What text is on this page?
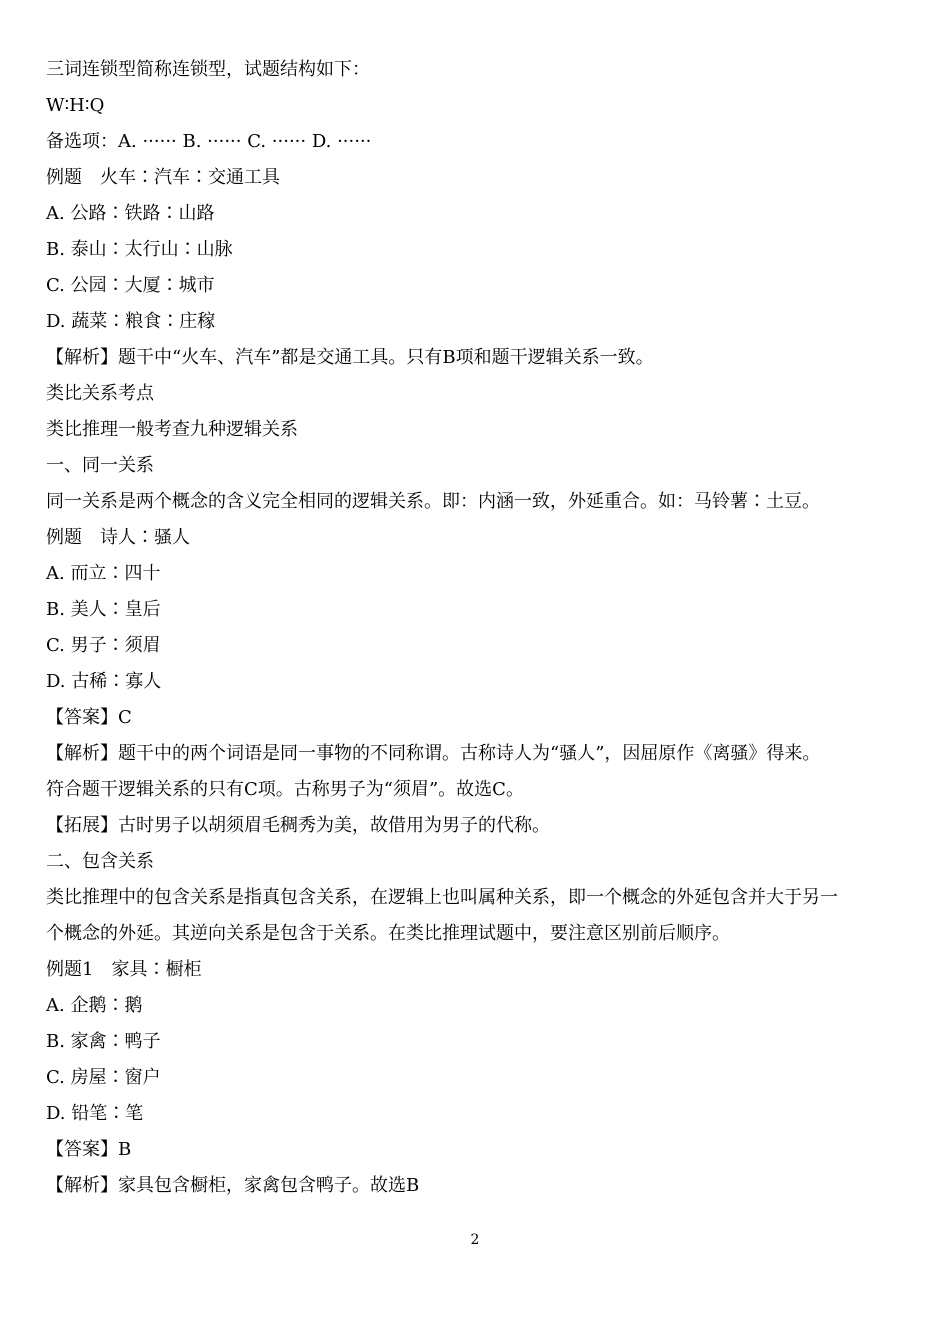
三词连锁型简称连锁型，试题结构如下：
W∶H∶Q
备选项：A. ······ B. ······ C. ······ D. ······
例题　火车∶汽车∶交通工具
A. 公路∶铁路∶山路
B. 泰山∶太行山∶山脉
C. 公园∶大厦∶城市
D. 蔬菜∶粮食∶庄稼
【解析】题干中“火车、汽车”都是交通工具。只有B项和题干逻辑关系一致。
类比关系考点
类比推理一般考查九种逻辑关系
一、同一关系
同一关系是两个概念的含义完全相同的逻辑关系。即：内涵一致，外延重合。如：马铃薯∶土豆。
例题　诗人∶骚人
A. 而立∶四十
B. 美人∶皇后
C. 男子∶须眉
D. 古稀∶寡人
【答案】C
【解析】题干中的两个词语是同一事物的不同称谓。古称诗人为“骚人”，因屈原作《离骚》得来。
符合题干逻辑关系的只有C项。古称男子为“须眉”。故选C。
【拓展】古时男子以胡须眉毛稠秀为美，故借用为男子的代称。
二、包含关系
类比推理中的包含关系是指真包含关系，在逻辑上也叫属种关系，即一个概念的外延包含并大于另一
个概念的外延。其逆向关系是包含于关系。在类比推理试题中，要注意区别前后顺序。
例题1　家具∶橱柜
A. 企鹅∶鹅
B. 家禽∶鸭子
C. 房屋∶窗户
D. 铅笔∶笔
【答案】B
【解析】家具包含橱柜，家禽包含鸭子。故选B
2
